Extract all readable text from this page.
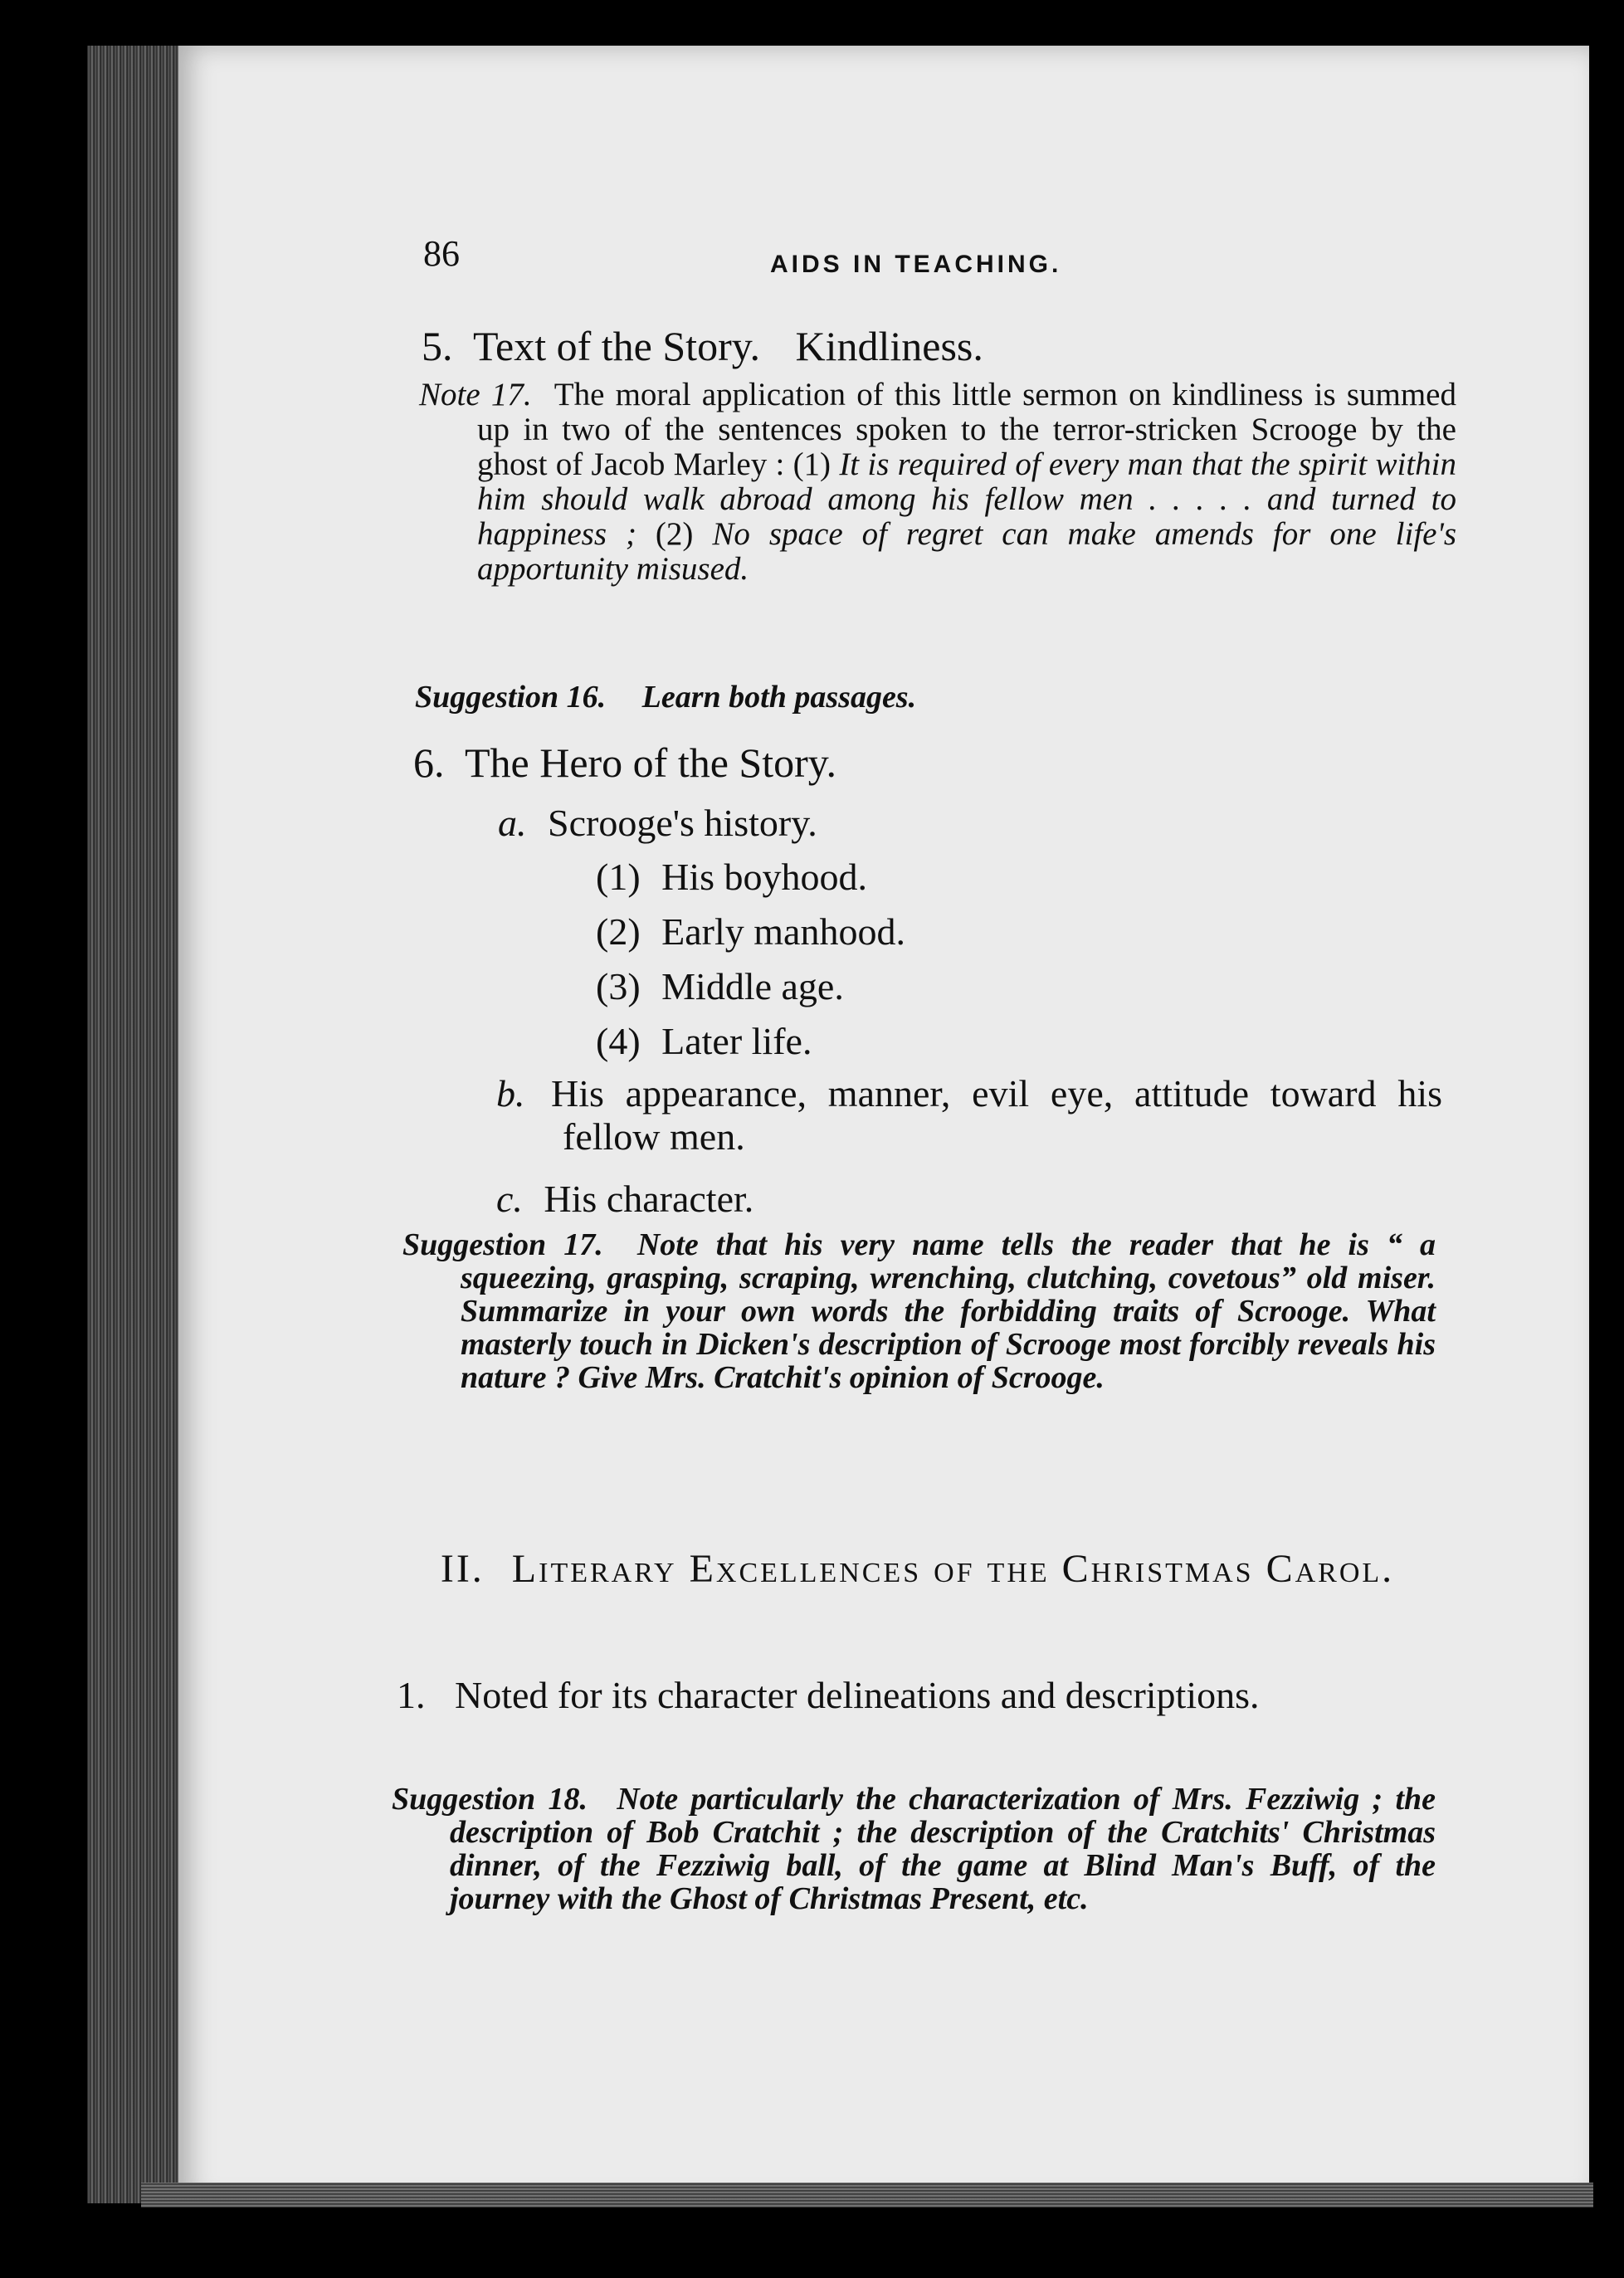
86	AIDS IN TEACHING.
5. Text of the Story. Kindliness.
Note 17. The moral application of this little sermon on kindliness is summed up in two of the sentences spoken to the terror-stricken Scrooge by the ghost of Jacob Marley : (1) It is required of every man that the spirit within him should walk abroad among his fellow men . . . . . and turned to happiness ; (2) No space of regret can make amends for one life's apportunity misused.
Suggestion 16. Learn both passages.
6. The Hero of the Story.
a. Scrooge's history.
(1) His boyhood.
(2) Early manhood.
(3) Middle age.
(4) Later life.
b. His appearance, manner, evil eye, attitude toward his fellow men.
c. His character.
Suggestion 17. Note that his very name tells the reader that he is “ a squeezing, grasping, scraping, wrenching, clutching, covetous” old miser. Summarize in your own words the forbidding traits of Scrooge. What masterly touch in Dicken's description of Scrooge most forcibly reveals his nature ? Give Mrs. Cratchit's opinion of Scrooge.
II. Literary Excellences of the Christmas Carol.
1. Noted for its character delineations and descriptions.
Suggestion 18. Note particularly the characterization of Mrs. Fezziwig ; the description of Bob Cratchit ; the description of the Cratchits' Christmas dinner, of the Fezziwig ball, of the game at Blind Man's Buff, of the journey with the Ghost of Christmas Present, etc.
